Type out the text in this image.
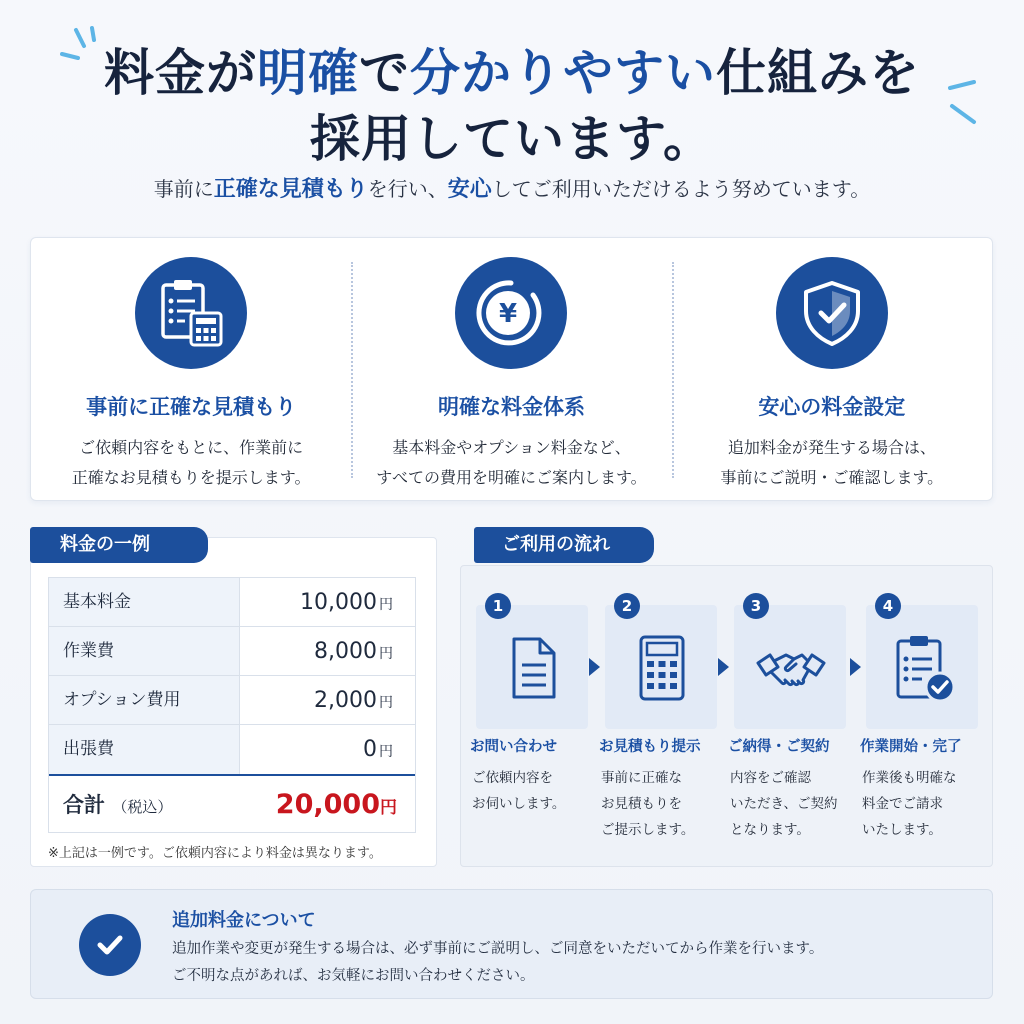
料金が明確で分かりやすい仕組みを
採用しています。
事前に正確な見積もりを行い、安心してご利用いただけるよう努めています。
事前に正確な見積もり
ご依頼内容をもとに、作業前に
正確なお見積もりを提示します。
¥
明確な料金体系
基本料金やオプション料金など、
すべての費用を明確にご案内します。
安心の料金設定
追加料金が発生する場合は、
事前にご説明・ご確認します。
料金の一例
基本料金	10,000 円
作業費	8,000 円
オプション費用	2,000 円
出張費	0 円
合計 （税込）	20,000円
※上記は一例です。ご依頼内容により料金は異なります。
ご利用の流れ
1
お問い合わせ
ご依頼内容を
お伺いします。
2
お見積もり提示
事前に正確な
お見積もりを
ご提示します。
3
ご納得・ご契約
内容をご確認
いただき、ご契約
となります。
4
作業開始・完了
作業後も明確な
料金でご請求
いたします。
追加料金について
追加作業や変更が発生する場合は、必ず事前にご説明し、ご同意をいただいてから作業を行います。
ご不明な点があれば、お気軽にお問い合わせください。
